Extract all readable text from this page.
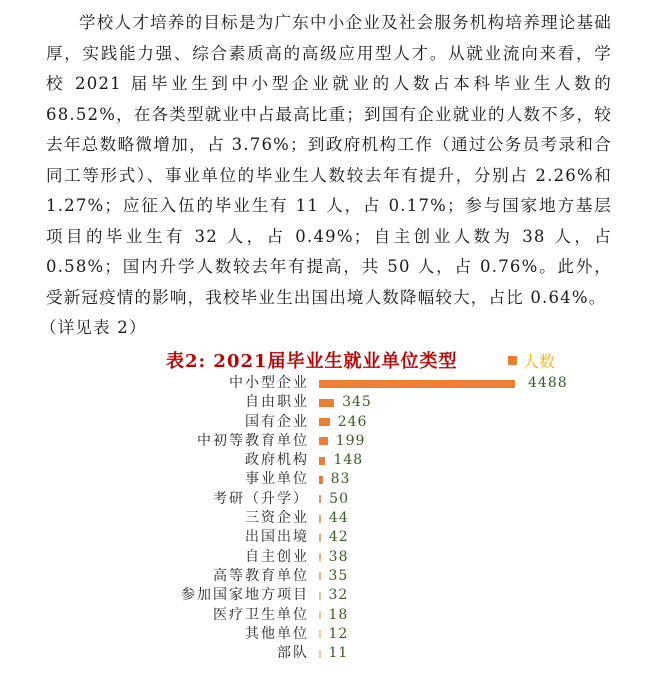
学校人才培养的目标是为广东中小企业及社会服务机构培养理论基础厚，实践能力强、综合素质高的高级应用型人才。从就业流向来看，学校 2021 届毕业生到中小型企业就业的人数占本科毕业生人数的 68.52%，在各类型就业中占最高比重；到国有企业就业的人数不多，较去年总数略微增加，占 3.76%；到政府机构工作（通过公务员考录和合同工等形式）、事业单位的毕业生人数较去年有提升，分别占 2.26%和 1.27%；应征入伍的毕业生有 11 人，占 0.17%；参与国家地方基层项目的毕业生有 32 人，占 0.49%；自主创业人数为 38 人，占 0.58%；国内升学人数较去年有提高，共 50 人，占 0.76%。此外，受新冠疫情的影响，我校毕业生出国出境人数降幅较大，占比 0.64%。
（详见表 2）

表2: 2021届毕业生就业单位类型	人数
中小型企业	4488
自由职业 345
国有企业 246
中初等教育单位 199
政府机构 148
事业单位 83
考研（升学） 50
三资企业 44
出国出境 42
自主创业 38
高等教育单位 35
参加国家地方项目 32
医疗卫生单位 18
其他单位 12
部队 11
